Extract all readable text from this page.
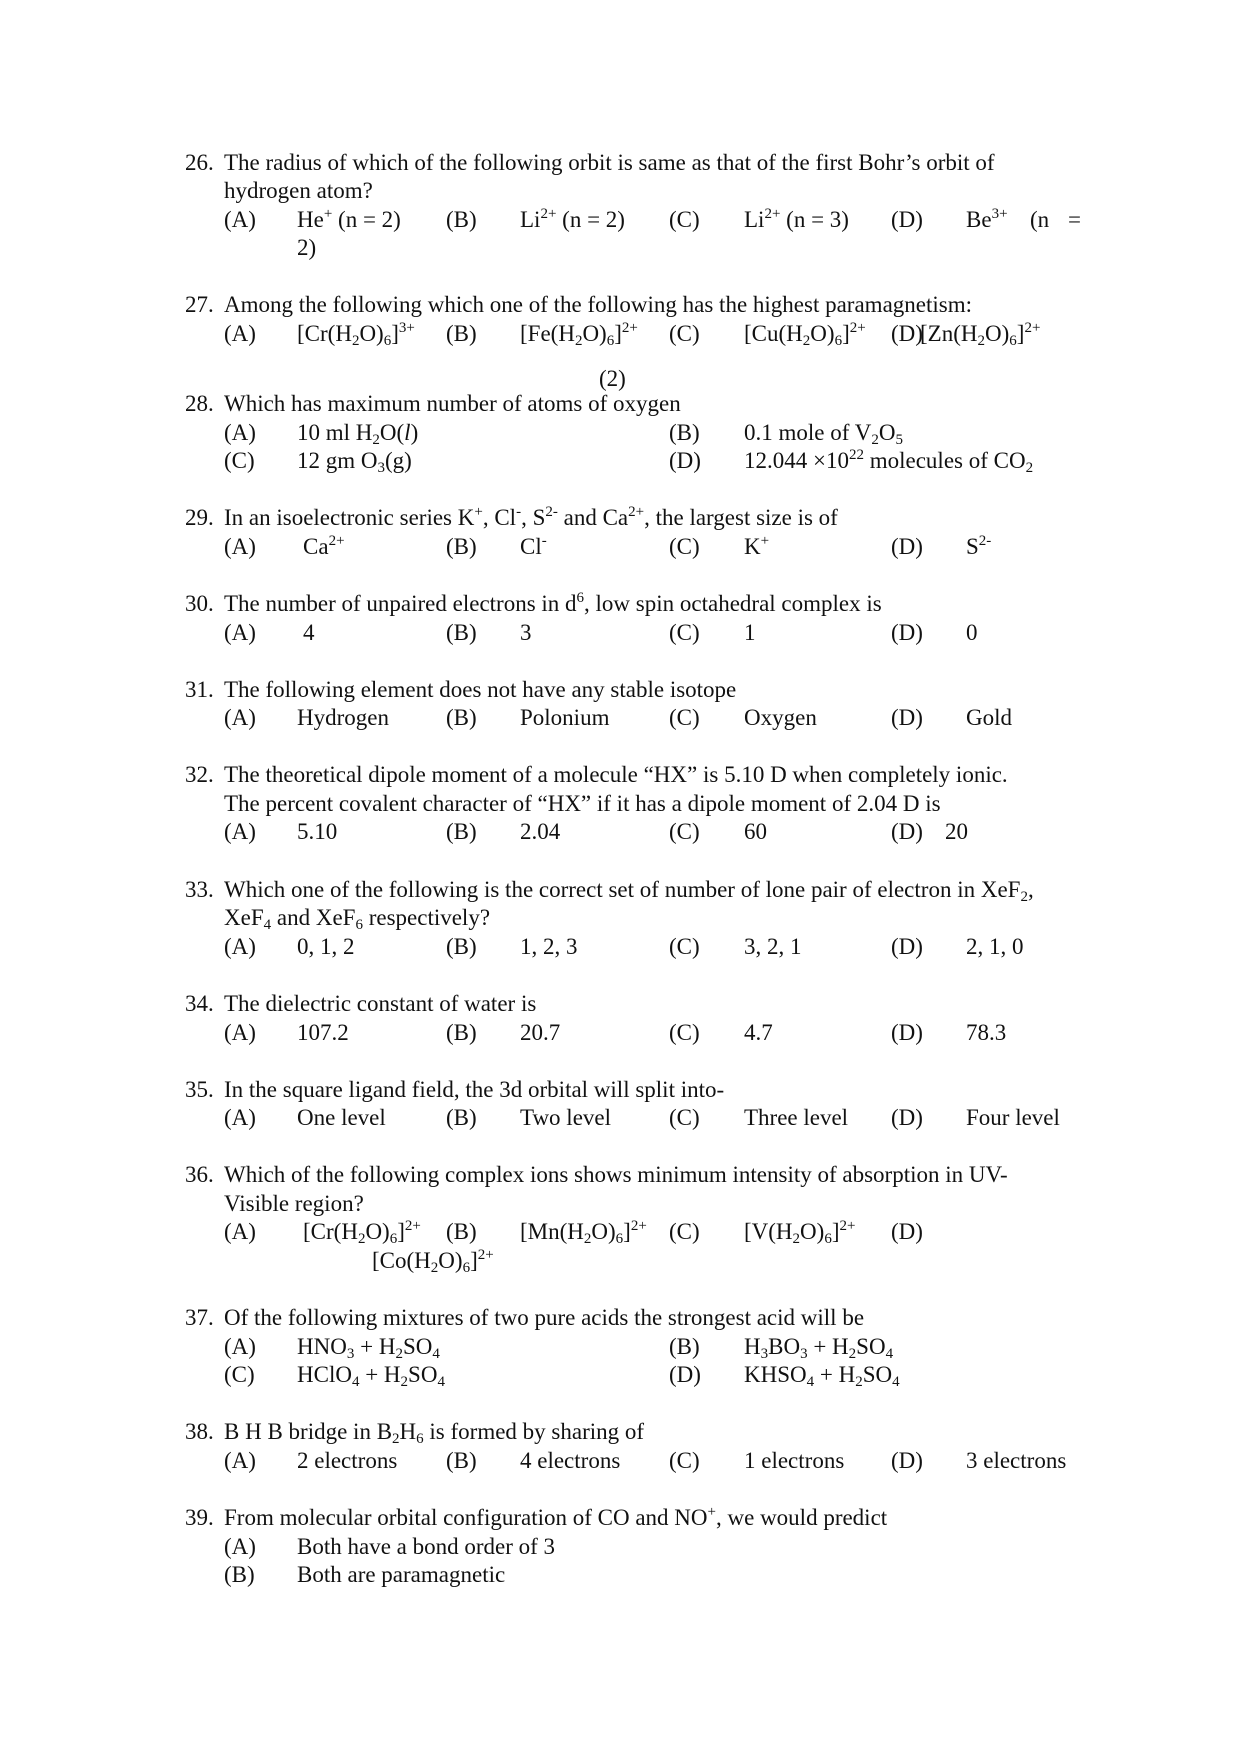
26. The radius of which of the following orbit is same as that of the first Bohr’s orbit of
hydrogen atom?
(A) He+ (n = 2) (B) $Li^{2+}$ (n = 2) (C) $Li^{2+}$ (n = 3) (D) $Be^{3+}$ (n =
2)
27. Among the following which one of the following has the highest paramagnetism:
(A) $[Cr(H_2O)_6]^{3+}$ (B) $[Fe(H_2O)_6]^{2+}$ (C) $[Cu(H_2O)_6]^{2+}$ (D)
$[Zn(H_2O)_6]^{2+}$
(2)
28. Which has maximum number of atoms of oxygen
(A) 10 ml $H_2O(l)$	(B) 0.1 mole of $V_2O_5$
(C) 12 gm $O_3(g)$	(D) $12.044 \times 10^{22}$ molecules of $CO_2$
29. In an isoelectronic series K+, Cl-, $S^{2-}$ and $Ca^{2+}$, the largest size is of
(A) $Ca^{2+}$	(B) Cl-	(C) K+	(D) $S^{2-}$
30. The number of unpaired electrons in $d^6$, low spin octahedral complex is
(A) 4	(B) 3	(C) 1	(D) 0
31. The following element does not have any stable isotope
(A) Hydrogen (B) Polonium	(C) Oxygen	(D) Gold
32. The theoretical dipole moment of a molecule “HX” is 5.10 D when completely ionic.
The percent covalent character of “HX” if it has a dipole moment of 2.04 D is
(A) 5.10	(B) 2.04	(C) 60	(D) 20
33. Which one of the following is the correct set of number of lone pair of electron in XeF$_2$,
XeF$_4$ and XeF$_6$ respectively?
(A) 0, 1, 2	(B) 1, 2, 3	(C) 3, 2, 1	(D) 2, 1, 0
34. The dielectric constant of water is
(A) 107.2	(B) 20.7	(C) 4.7	(D) 78.3
35. In the square ligand field, the 3d orbital will split into-
(A) One level	(B) Two level	(C) Three level (D) Four level
36. Which of the following complex ions shows minimum intensity of absorption in UV-
Visible region?
(A) $[Cr(H_2O)_6]^{2+}$ (B) $[Mn(H_2O)_6]^{2+}$ (C) $[V(H_2O)_6]^{2+}$ (D)
$[Co(H_2O)_6]^{2+}$
37. Of the following mixtures of two pure acids the strongest acid will be
(A) $HNO_3 + H_2SO_4$	(B) $H_3BO_3 + H_2SO_4$
(C) HClO$_4$ + $H_2SO_4$	(D) $KHSO_4 + H_2SO_4$
38. B H B bridge in $B_2H_6$ is formed by sharing of
(A) 2 electrons (B) 4 electrons (C) 1 electrons (D) 3 electrons
39. From molecular orbital configuration of CO and NO+, we would predict
(A) Both have a bond order of 3
(B) Both are paramagnetic
